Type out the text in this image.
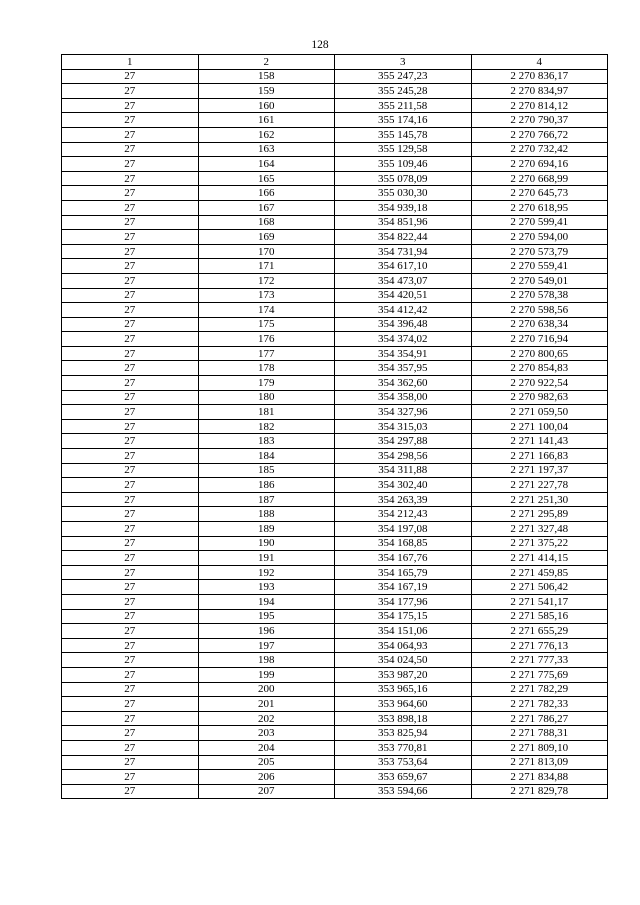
128
1	2	3	4
27	158	355 247,23	2 270 836,17
27	159	355 245,28	2 270 834,97
27	160	355 211,58	2 270 814,12
27	161	355 174,16	2 270 790,37
27	162	355 145,78	2 270 766,72
27	163	355 129,58	2 270 732,42
27	164	355 109,46	2 270 694,16
27	165	355 078,09	2 270 668,99
27	166	355 030,30	2 270 645,73
27	167	354 939,18	2 270 618,95
27	168	354 851,96	2 270 599,41
27	169	354 822,44	2 270 594,00
27	170	354 731,94	2 270 573,79
27	171	354 617,10	2 270 559,41
27	172	354 473,07	2 270 549,01
27	173	354 420,51	2 270 578,38
27	174	354 412,42	2 270 598,56
27	175	354 396,48	2 270 638,34
27	176	354 374,02	2 270 716,94
27	177	354 354,91	2 270 800,65
27	178	354 357,95	2 270 854,83
27	179	354 362,60	2 270 922,54
27	180	354 358,00	2 270 982,63
27	181	354 327,96	2 271 059,50
27	182	354 315,03	2 271 100,04
27	183	354 297,88	2 271 141,43
27	184	354 298,56	2 271 166,83
27	185	354 311,88	2 271 197,37
27	186	354 302,40	2 271 227,78
27	187	354 263,39	2 271 251,30
27	188	354 212,43	2 271 295,89
27	189	354 197,08	2 271 327,48
27	190	354 168,85	2 271 375,22
27	191	354 167,76	2 271 414,15
27	192	354 165,79	2 271 459,85
27	193	354 167,19	2 271 506,42
27	194	354 177,96	2 271 541,17
27	195	354 175,15	2 271 585,16
27	196	354 151,06	2 271 655,29
27	197	354 064,93	2 271 776,13
27	198	354 024,50	2 271 777,33
27	199	353 987,20	2 271 775,69
27	200	353 965,16	2 271 782,29
27	201	353 964,60	2 271 782,33
27	202	353 898,18	2 271 786,27
27	203	353 825,94	2 271 788,31
27	204	353 770,81	2 271 809,10
27	205	353 753,64	2 271 813,09
27	206	353 659,67	2 271 834,88
27	207	353 594,66	2 271 829,78
